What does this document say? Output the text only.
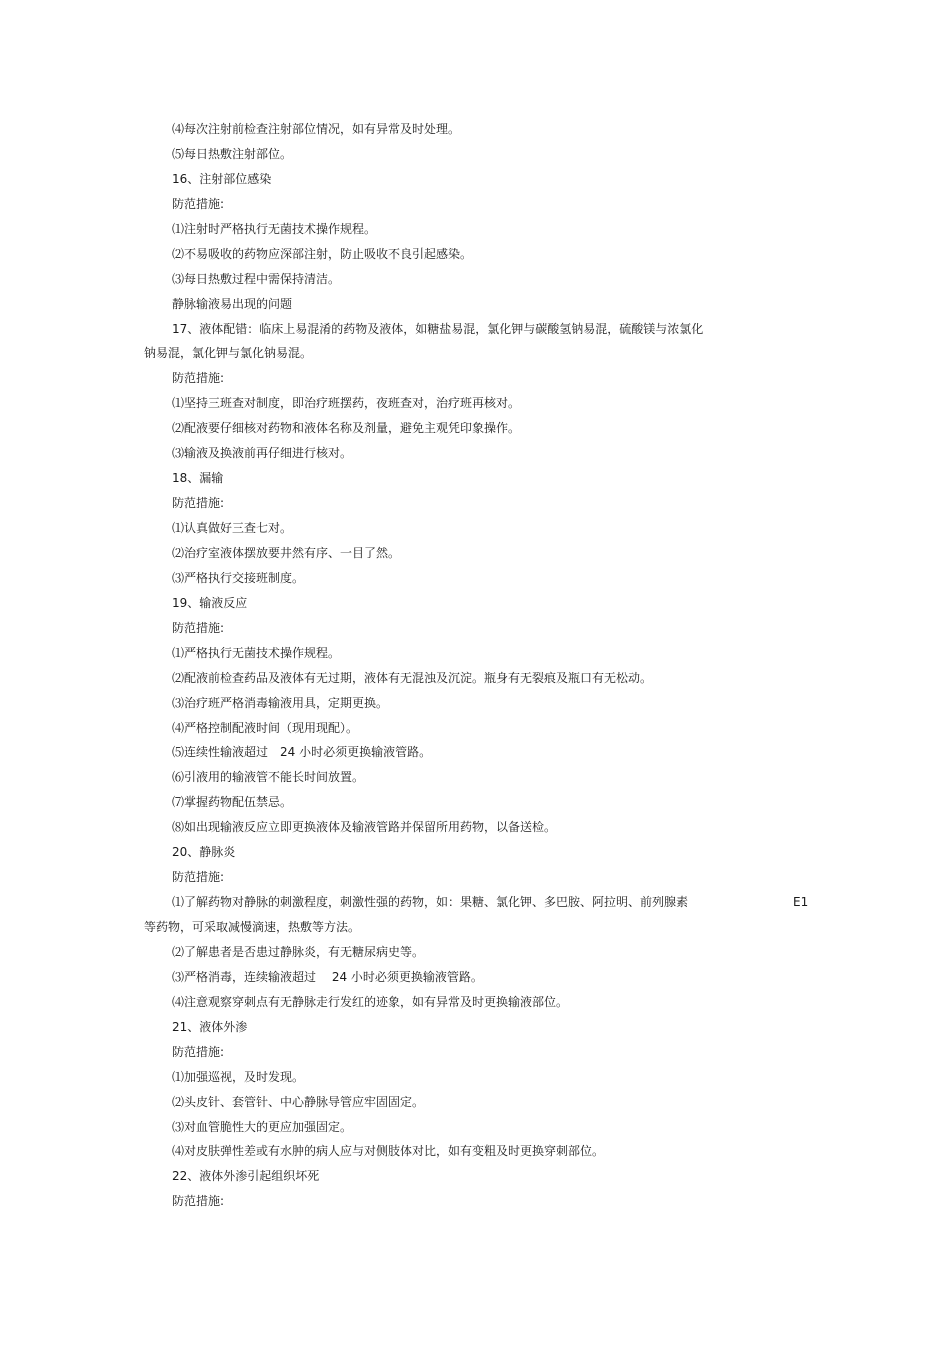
⑷每次注射前检查注射部位情况，如有异常及时处理。
⑸每日热敷注射部位。
16、注射部位感染
防范措施:
⑴注射时严格执行无菌技术操作规程。
⑵不易吸收的药物应深部注射，防止吸收不良引起感染。
⑶每日热敷过程中需保持清洁。
静脉输液易出现的问题
17、液体配错：临床上易混淆的药物及液体，如糖盐易混，氯化钾与碳酸氢钠易混，硫酸镁与浓氯化
钠易混，氯化钾与氯化钠易混。
防范措施:
⑴坚持三班查对制度，即治疗班摆药，夜班查对，治疗班再核对。
⑵配液要仔细核对药物和液体名称及剂量，避免主观凭印象操作。
⑶输液及换液前再仔细进行核对。
18、漏输
防范措施:
⑴认真做好三查七对。
⑵治疗室液体摆放要井然有序、一目了然。
⑶严格执行交接班制度。
19、输液反应
防范措施:
⑴严格执行无菌技术操作规程。
⑵配液前检查药品及液体有无过期，液体有无混浊及沉淀。瓶身有无裂痕及瓶口有无松动。
⑶治疗班严格消毒输液用具，定期更换。
⑷严格控制配液时间（现用现配）。
⑸连续性输液超过　24 小时必须更换输液管路。
⑹引液用的输液管不能长时间放置。
⑺掌握药物配伍禁忌。
⑻如出现输液反应立即更换液体及输液管路并保留所用药物，以备送检。
20、静脉炎
防范措施:
⑴了解药物对静脉的刺激程度，刺激性强的药物，如：果糖、氯化钾、多巴胺、阿拉明、前列腺素	E1
等药物，可采取减慢滴速，热敷等方法。
⑵了解患者是否患过静脉炎，有无糖尿病史等。
⑶严格消毒，连续输液超过　 24 小时必须更换输液管路。
⑷注意观察穿刺点有无静脉走行发红的迹象，如有异常及时更换输液部位。
21、液体外渗
防范措施:
⑴加强巡视，及时发现。
⑵头皮针、套管针、中心静脉导管应牢固固定。
⑶对血管脆性大的更应加强固定。
⑷对皮肤弹性差或有水肿的病人应与对侧肢体对比，如有变粗及时更换穿刺部位。
22、液体外渗引起组织坏死
防范措施:
